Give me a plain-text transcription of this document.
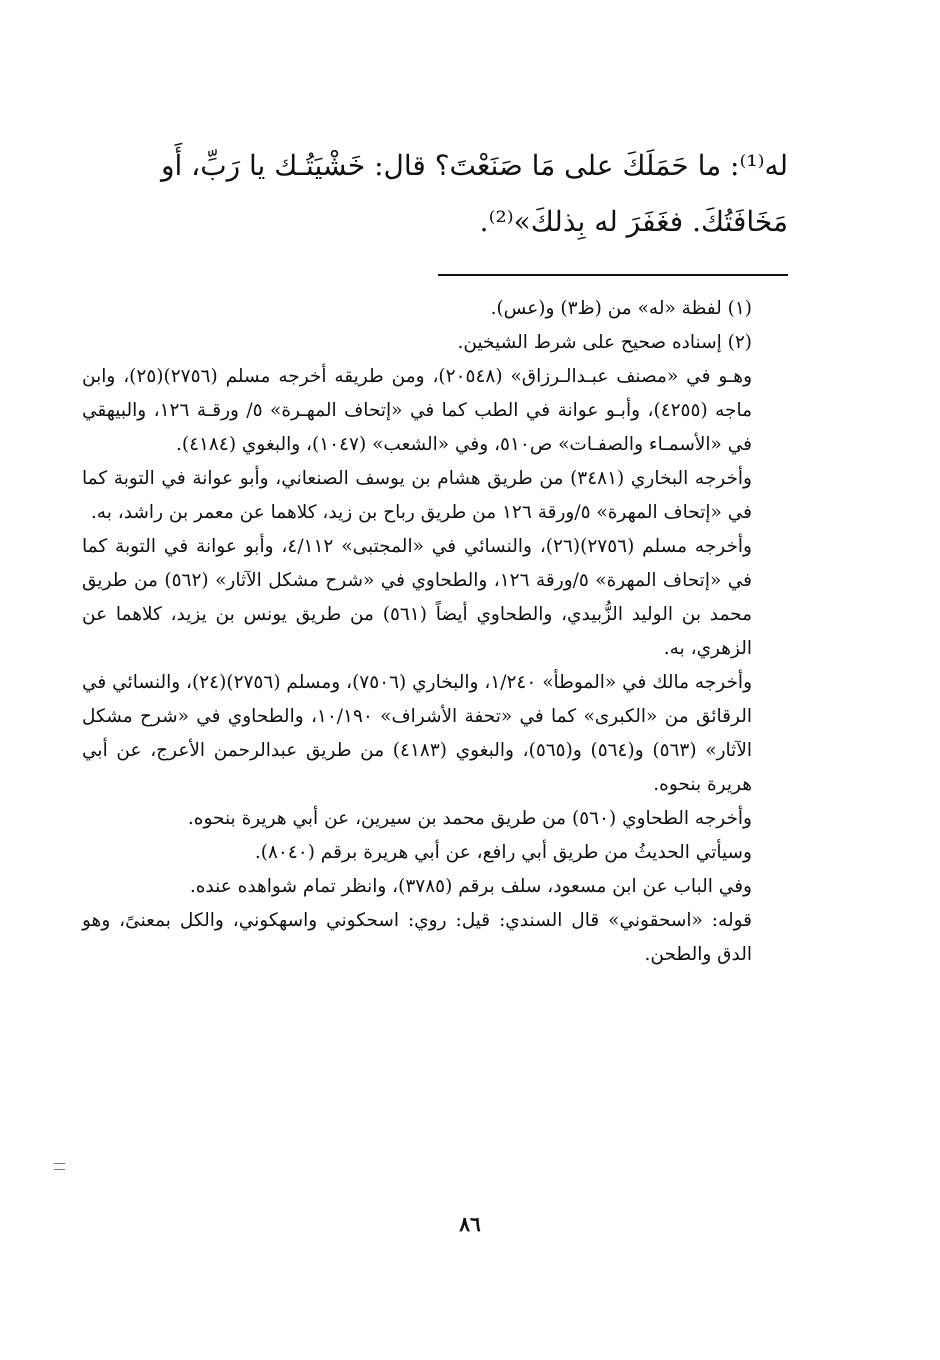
له⁽¹⁾: ما حَمَلَكَ على مَا صَنَعْتَ؟ قال: خَشْيَتُـك يا رَبِّ، أَو

مَخَافَتُكَ. فغَفَرَ له بِذلكَ»⁽²⁾.

(١) لفظة «له» من (ظ٣) و(عس).

(٢) إسناده صحيح على شرط الشيخين.

وهـو في «مصنف عبـدالـرزاق» (٢٠٥٤٨)، ومن طريقه أخرجه مسلم (٢٧٥٦)(٢٥)، وابن ماجه (٤٢٥٥)، وأبـو عوانة في الطب كما في «إتحاف المهـرة» ٥/ ورقـة ١٢٦، والبيهقي في «الأسمـاء والصفـات» ص٥١٠، وفي «الشعب» (١٠٤٧)، والبغوي (٤١٨٤).

وأخرجه البخاري (٣٤٨١) من طريق هشام بن يوسف الصنعاني، وأبو عوانة في التوبة كما في «إتحاف المهرة» ٥/ورقة ١٢٦ من طريق رباح بن زيد، كلاهما عن معمر بن راشد، به.

وأخرجه مسلم (٢٧٥٦)(٢٦)، والنسائي في «المجتبى» ٤/١١٢، وأبو عوانة في التوبة كما في «إتحاف المهرة» ٥/ورقة ١٢٦، والطحاوي في «شرح مشكل الآثار» (٥٦٢) من طريق محمد بن الوليد الزُّبيدي، والطحاوي أيضاً (٥٦١) من طريق يونس بن يزيد، كلاهما عن الزهري، به.

وأخرجه مالك في «الموطأ» ١/٢٤٠، والبخاري (٧٥٠٦)، ومسلم (٢٧٥٦)(٢٤)، والنسائي في الرقائق من «الكبرى» كما في «تحفة الأشراف» ١٠/١٩٠، والطحاوي في «شرح مشكل الآثار» (٥٦٣) و(٥٦٤) و(٥٦٥)، والبغوي (٤١٨٣) من طريق عبدالرحمن الأعرج، عن أبي هريرة بنحوه.

وأخرجه الطحاوي (٥٦٠) من طريق محمد بن سيرين، عن أبي هريرة بنحوه.

وسيأتي الحديثُ من طريق أبي رافع، عن أبي هريرة برقم (٨٠٤٠).

وفي الباب عن ابن مسعود، سلف برقم (٣٧٨٥)، وانظر تمام شواهده عنده.

قوله: «اسحقوني» قال السندي: قيل: روي: اسحكوني واسهكوني، والكل بمعنىً، وهو الدق والطحن.

٨٦
